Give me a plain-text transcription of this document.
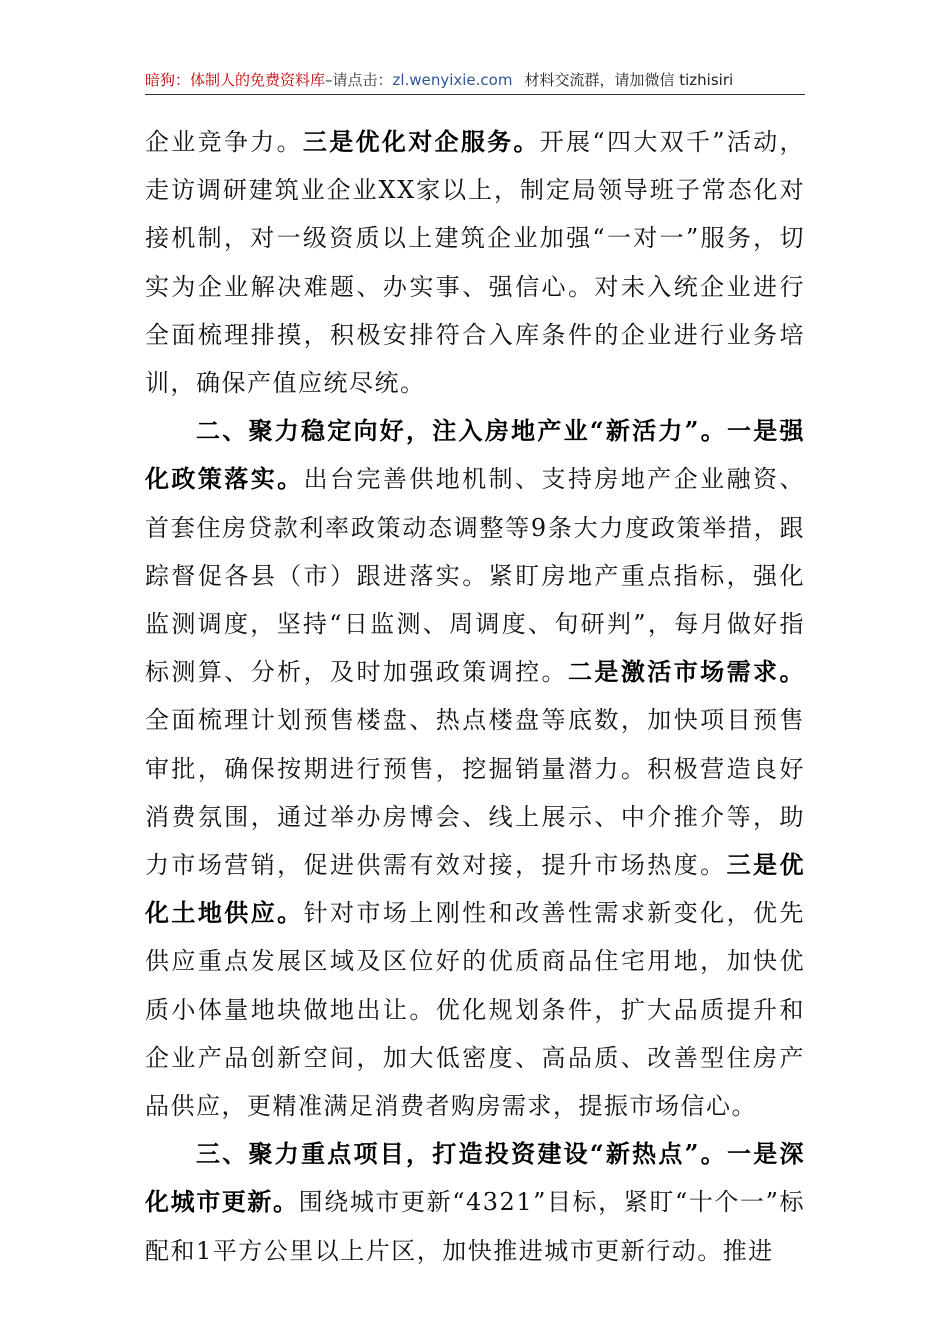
暗狗：体制人的免费资料库–请点击：zl.wenyixie.com 材料交流群，请加微信 tizhisiri

企业竞争力。三是优化对企服务。开展“四大双千”活动，走访调研建筑业企业XX家以上，制定局领导班子常态化对接机制，对一级资质以上建筑企业加强“一对一”服务，切实为企业解决难题、办实事、强信心。对未入统企业进行全面梳理排摸，积极安排符合入库条件的企业进行业务培训，确保产值应统尽统。

二、聚力稳定向好，注入房地产业“新活力”。一是强化政策落实。出台完善供地机制、支持房地产企业融资、首套住房贷款利率政策动态调整等9条大力度政策举措，跟踪督促各县（市）跟进落实。紧盯房地产重点指标，强化监测调度，坚持“日监测、周调度、旬研判”，每月做好指标测算、分析，及时加强政策调控。二是激活市场需求。全面梳理计划预售楼盘、热点楼盘等底数，加快项目预售审批，确保按期进行预售，挖掘销量潜力。积极营造良好消费氛围，通过举办房博会、线上展示、中介推介等，助力市场营销，促进供需有效对接，提升市场热度。三是优化土地供应。针对市场上刚性和改善性需求新变化，优先供应重点发展区域及区位好的优质商品住宅用地，加快优质小体量地块做地出让。优化规划条件，扩大品质提升和企业产品创新空间，加大低密度、高品质、改善型住房产品供应，更精准满足消费者购房需求，提振市场信心。

三、聚力重点项目，打造投资建设“新热点”。一是深化城市更新。围绕城市更新“4321”目标，紧盯“十个一”标配和1平方公里以上片区，加快推进城市更新行动。推进
